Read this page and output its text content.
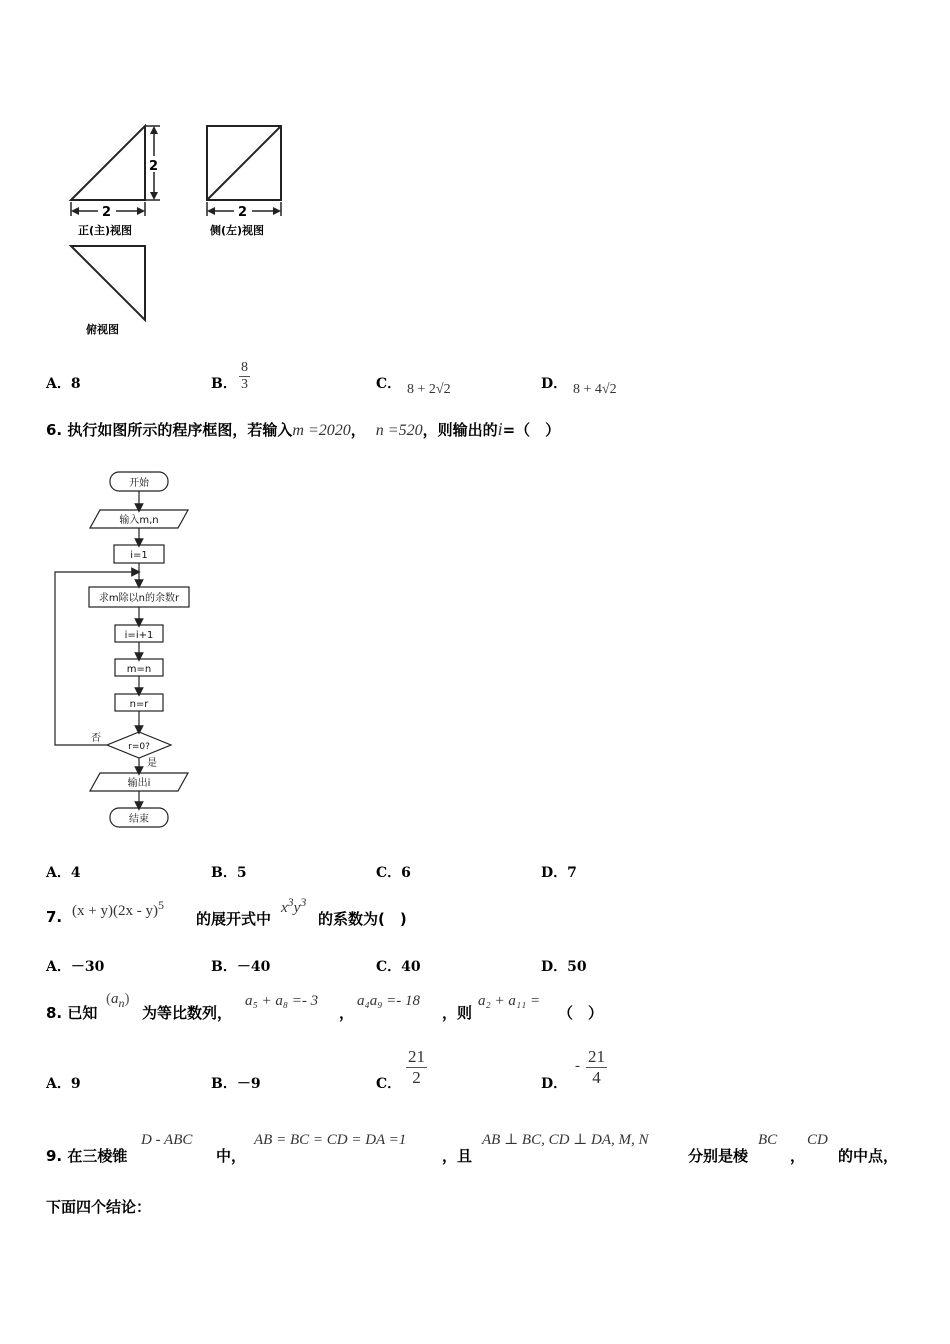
2
2
正(主)视图
2
侧(左)视图
俯视图
A．8	B． $\frac{8}{3}$	C． 8 + 2√2	D． 8 + 4√2
6. 执行如图所示的程序框图，若输入m =2020， n =520，则输出的i=（　）
开始
输入m,n
i=1
求m除以n的余数r
i=i+1
m=n
n=r
r=0?
否
是
输出i
结束
A．4	B．5	C．6	D．7
7. (x + y)(2x - y)$^5$
的展开式中
$x^3y^3$
的系数为(　)
A．－30	B．－40	C．40	D．50
8. 已知
$(a_n)$
为等比数列，
a₅ + a₈ =- 3
，
a₄a₉ =- 18
，则
a₂ + a₁₁ =
（　）
A．9	B．－9	C． $\frac{21}{2}$	D．
- $\frac{21}{4}$
9. 在三棱锥
D - ABC
中，
AB = BC = CD = DA =1
，且
AB ⊥ BC, CD ⊥ DA, M, N
分别是棱
BC
，
CD
的中点，
下面四个结论：
